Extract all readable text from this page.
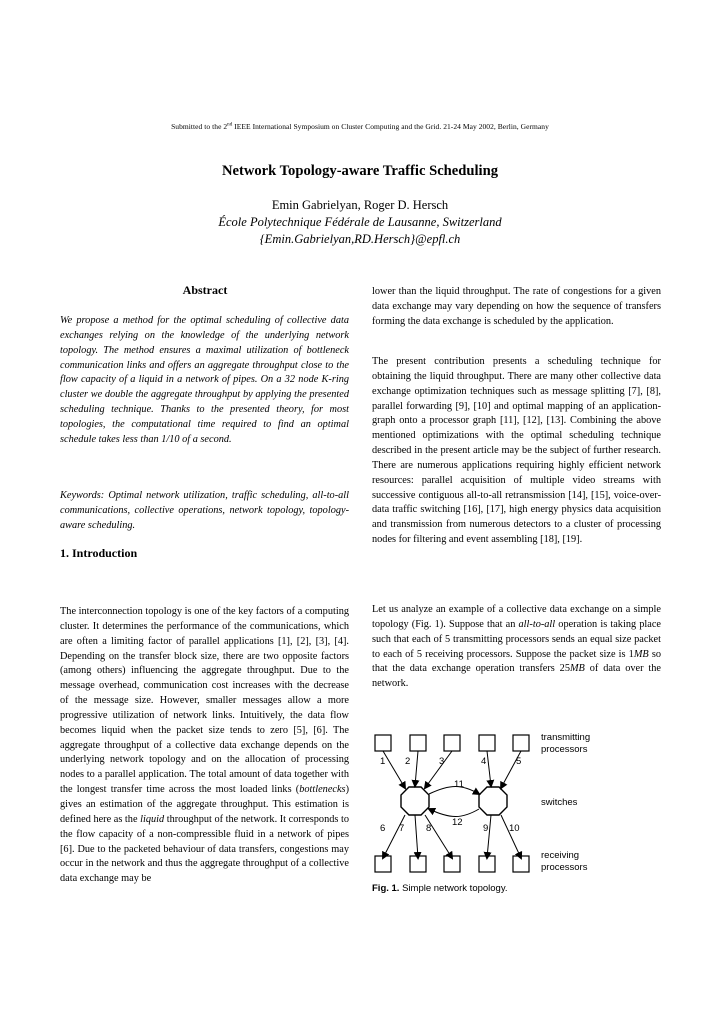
Submitted to the 2nd IEEE International Symposium on Cluster Computing and the Grid. 21-24 May 2002, Berlin, Germany
Network Topology-aware Traffic Scheduling
Emin Gabrielyan, Roger D. Hersch
École Polytechnique Fédérale de Lausanne, Switzerland
{Emin.Gabrielyan,RD.Hersch}@epfl.ch
Abstract

We propose a method for the optimal scheduling of collective data exchanges relying on the knowledge of the underlying network topology. The method ensures a maximal utilization of bottleneck communication links and offers an aggregate throughput close to the flow capacity of a liquid in a network of pipes. On a 32 node K-ring cluster we double the aggregate throughput by applying the presented scheduling technique. Thanks to the presented theory, for most topologies, the computational time required to find an optimal schedule takes less than 1/10 of a second.

Keywords: Optimal network utilization, traffic scheduling, all-to-all communications, collective operations, network topology, topology-aware scheduling.

1. Introduction

The interconnection topology is one of the key factors of a computing cluster. It determines the performance of the communications, which are often a limiting factor of parallel applications [1], [2], [3], [4]. Depending on the transfer block size, there are two opposite factors (among others) influencing the aggregate throughput. Due to the message overhead, communication cost increases with the decrease of the message size. However, smaller messages allow a more progressive utilization of network links. Intuitively, the data flow becomes liquid when the packet size tends to zero [5], [6]. The aggregate throughput of a collective data exchange depends on the underlying network topology and on the allocation of processing nodes to a parallel application. The total amount of data together with the longest transfer time across the most loaded links (bottlenecks) gives an estimation of the aggregate throughput. This estimation is defined here as the liquid throughput of the network. It corresponds to the flow capacity of a non-compressible fluid in a network of pipes [6]. Due to the packeted behaviour of data transfers, congestions may occur in the network and thus the aggregate throughput of a collective data exchange may be

lower than the liquid throughput. The rate of congestions for a given data exchange may vary depending on how the sequence of transfers forming the data exchange is scheduled by the application.

The present contribution presents a scheduling technique for obtaining the liquid throughput. There are many other collective data exchange optimization techniques such as message splitting [7], [8], parallel forwarding [9], [10] and optimal mapping of an application-graph onto a processor graph [11], [12], [13]. Combining the above mentioned optimizations with the optimal scheduling technique described in the present article may be the subject of further research. There are numerous applications requiring highly efficient network resources: parallel acquisition of multiple video streams with successive contiguous all-to-all retransmission [14], [15], voice-over-data traffic switching [16], [17], high energy physics data acquisition and transmission from numerous detectors to a cluster of processing nodes for filtering and event assembling [18], [19].

Let us analyze an example of a collective data exchange on a simple topology (Fig. 1). Suppose that an all-to-all operation is taking place such that each of 5 transmitting processors sends an equal size packet to each of 5 receiving processors. Suppose the packet size is 1MB so that the data exchange operation transfers 25MB of data over the network.

1 2	3	4	5
11
12
6 7 8	9 10
transmitting
processors
switches
receiving
processors
Fig. 1. Simple network topology.
